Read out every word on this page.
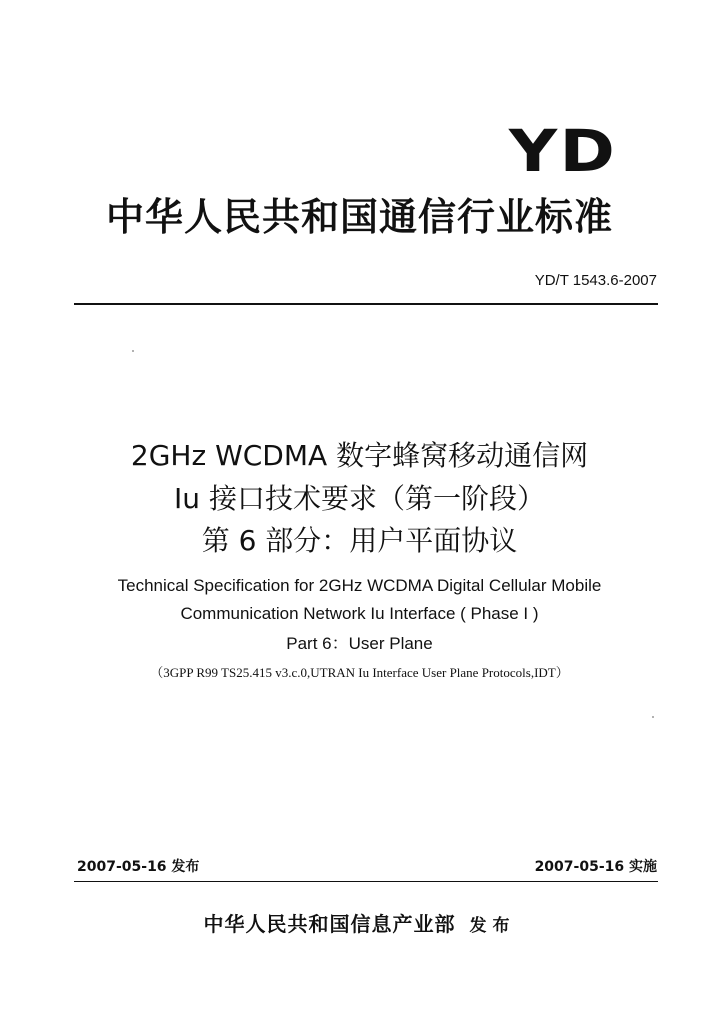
YD
中华人民共和国通信行业标准
YD/T 1543.6-2007
2GHz WCDMA 数字蜂窝移动通信网
Iu 接口技术要求（第一阶段）
第 6 部分：用户平面协议
Technical Specification for 2GHz WCDMA Digital Cellular Mobile
Communication Network Iu Interface ( Phase I )
Part 6：User Plane
（3GPP R99 TS25.415 v3.c.0,UTRAN Iu Interface User Plane Protocols,IDT）
2007-05-16 发布	2007-05-16 实施
中华人民共和国信息产业部 发布
